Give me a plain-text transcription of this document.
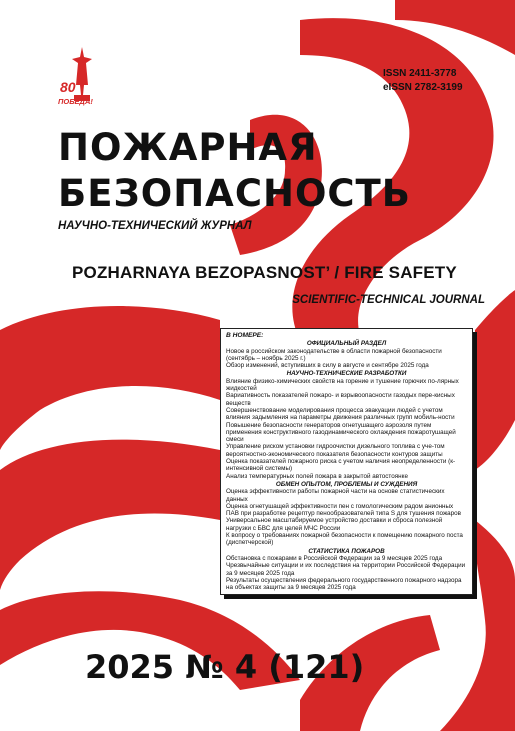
80
ПОБЕДА!
ISSN 2411-3778
eISSN 2782-3199
ПОЖАРНАЯ
БЕЗОПАСНОСТЬ
НАУЧНО-ТЕХНИЧЕСКИЙ ЖУРНАЛ
POZHARNAYA BEZOPASNOST’ / FIRE SAFETY
SCIENTIFIC-TECHNICAL JOURNAL
В НОМЕРЕ:
ОФИЦИАЛЬНЫЙ РАЗДЕЛ

Новое в российском законодательстве в области пожарной безопасности (сентябрь – ноябрь 2025 г.)

Обзор изменений, вступивших в силу в августе и сентябре 2025 года

НАУЧНО-ТЕХНИЧЕСКИЕ РАЗРАБОТКИ

Влияние физико-химических свойств на горение и тушение горючих по-лярных жидкостей

Вариативность показателей пожаро- и взрывоопасности газодых пере-кисных веществ

Совершенствование моделирования процесса эвакуации людей с учетом влияния задымления на параметры движения различных групп мобиль-ности

Повышение безопасности генераторов огнетушащего аэрозоля путем применения конструктивного газодинамического охлаждения пожаротушащей смеси

Управление риском установки гидроочистки дизельного топлива с уче-том вероятностно-экономического показателя безопасности контуров защиты

Оценка показателей пожарного риска с учетом наличия неопределенности (к-интенсивной системы)

Анализ температурных полей пожара в закрытой автостоянке

ОБМЕН ОПЫТОМ, ПРОБЛЕМЫ И СУЖДЕНИЯ

Оценка эффективности работы пожарной части на основе статистических данных

Оценка огнетушащей эффективности пен с гомологическим радом анионных ПАВ при разработке рецептур пенообразователей типа S для тушения пожаров

Универсальное масштабируемое устройство доставки и сброса полезной нагрузки с БВС для целей МЧС России

К вопросу о требованиях пожарной безопасности к помещению пожарного поста (диспетчерской)

СТАТИСТИКА ПОЖАРОВ

Обстановка с пожарами в Российской Федерации за 9 месяцев 2025 года

Чрезвычайные ситуации и их последствия на территории Российской Федерации за 9 месяцев 2025 года

Результаты осуществления федерального государственного пожарного надзора на объектах защиты за 9 месяцев 2025 года

2025 № 4 (121)
